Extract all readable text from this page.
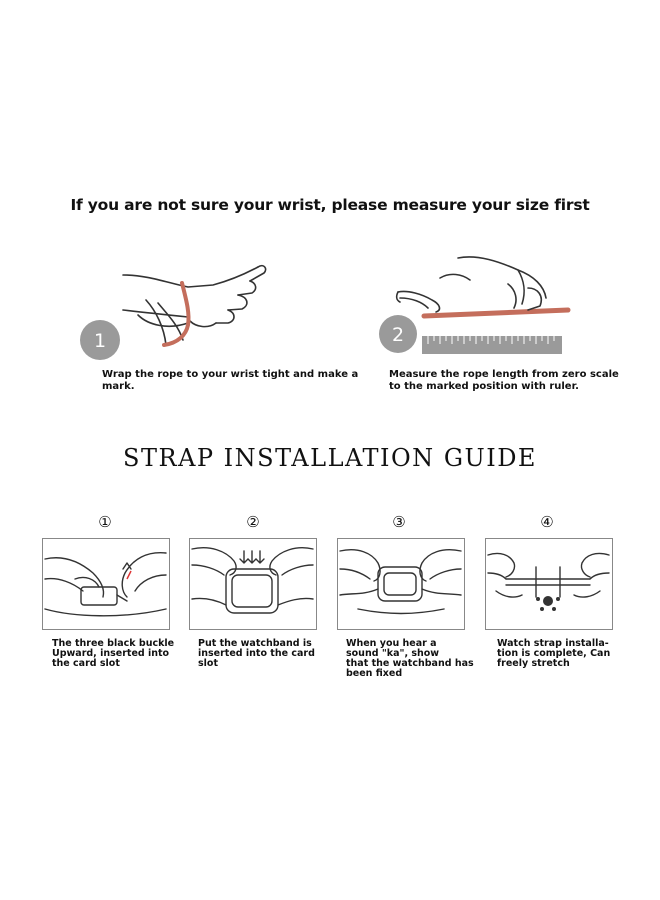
If you are not sure your wrist, please measure your size first
1
Wrap the rope to your wrist tight and make a mark.
2
Measure the rope length from zero scale
to the marked position with ruler.
STRAP INSTALLATION GUIDE
①	②	③	④
The three black buckle
Upward, inserted into
the card slot
Put the watchband is
inserted into the card
slot
When you hear a
sound "ka", show
that the watchband has
been fixed
Watch strap installa-
tion is complete, Can
freely stretch
